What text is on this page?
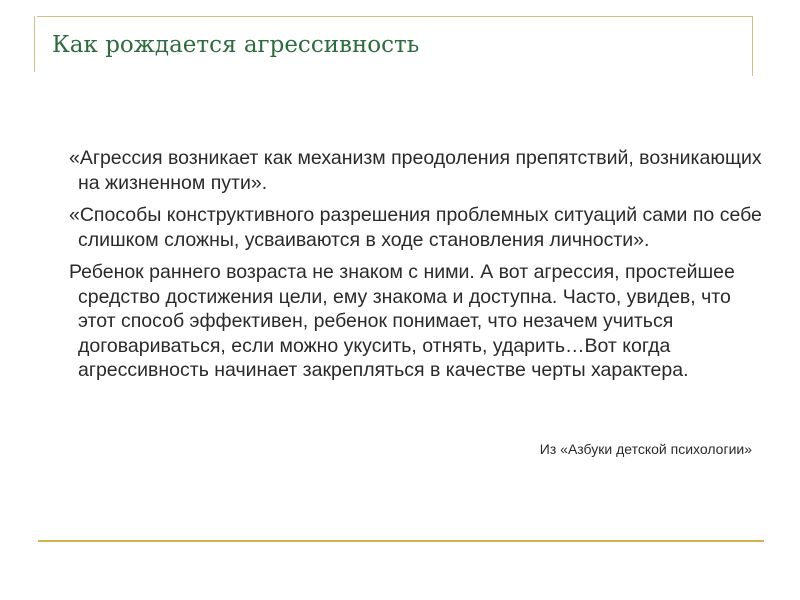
Как рождается агрессивность

«Агрессия возникает как механизм преодоления препятствий, возникающих на жизненном пути».

«Способы конструктивного разрешения проблемных ситуаций сами по себе слишком сложны, усваиваются в ходе становления личности».

Ребенок раннего возраста не знаком с ними. А вот агрессия, простейшее средство достижения цели, ему знакома и доступна. Часто, увидев, что этот способ эффективен, ребенок понимает, что незачем учиться договариваться, если можно укусить, отнять, ударить…Вот когда агрессивность начинает закрепляться в качестве черты характера.

Из «Азбуки детской психологии»
